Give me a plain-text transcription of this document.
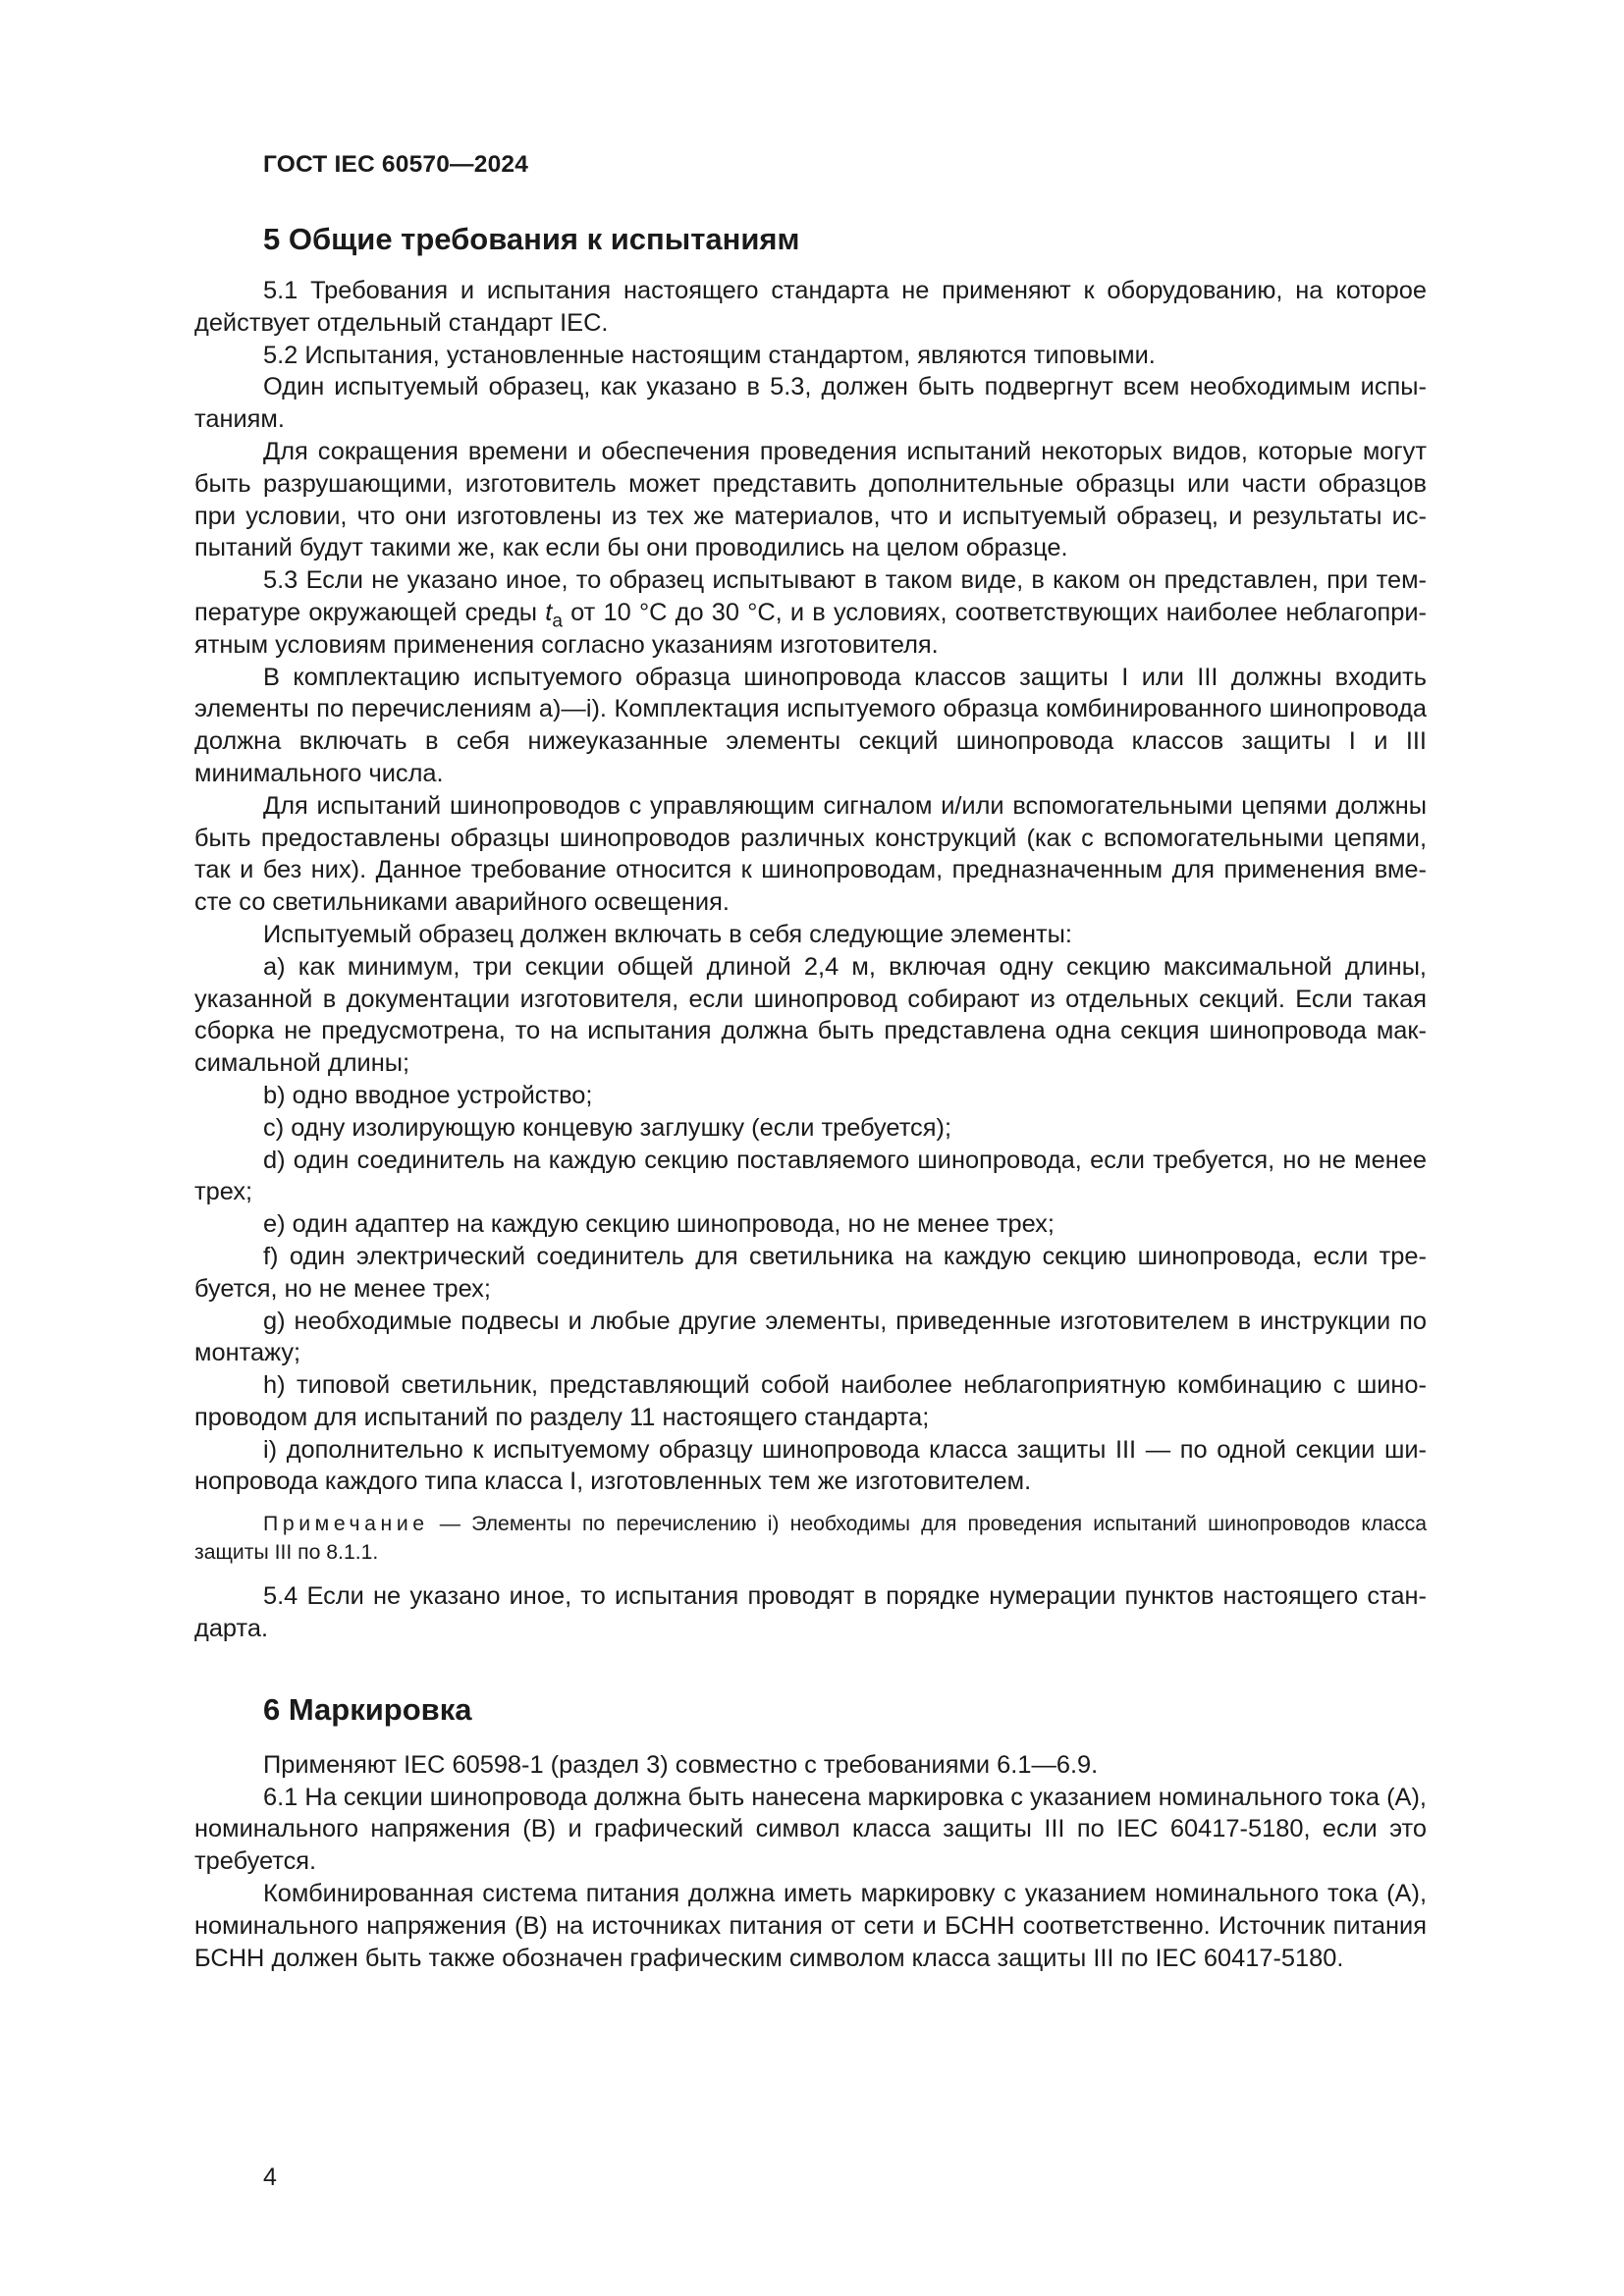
ГОСТ IEC 60570—2024

5 Общие требования к испытаниям

5.1 Требования и испытания настоящего стандарта не применяют к оборудованию, на которое действует отдельный стандарт IEC.

5.2 Испытания, установленные настоящим стандартом, являются типовыми.

Один испытуемый образец, как указано в 5.3, должен быть подвергнут всем необходимым испытаниям.

Для сокращения времени и обеспечения проведения испытаний некоторых видов, которые могут быть разрушающими, изготовитель может представить дополнительные образцы или части образцов при условии, что они изготовлены из тех же материалов, что и испытуемый образец, и результаты испытаний будут такими же, как если бы они проводились на целом образце.

5.3 Если не указано иное, то образец испытывают в таком виде, в каком он представлен, при температуре окружающей среды $t_a$ от 10 °С до 30 °С, и в условиях, соответствующих наиболее неблагоприятным условиям применения согласно указаниям изготовителя.

В комплектацию испытуемого образца шинопровода классов защиты I или III должны входить элементы по перечислениям а)—i). Комплектация испытуемого образца комбинированного шинопровода должна включать в себя нижеуказанные элементы секций шинопровода классов защиты I и III минимального числа.

Для испытаний шинопроводов с управляющим сигналом и/или вспомогательными цепями должны быть предоставлены образцы шинопроводов различных конструкций (как с вспомогательными цепями, так и без них). Данное требование относится к шинопроводам, предназначенным для применения вместе со светильниками аварийного освещения.

Испытуемый образец должен включать в себя следующие элементы:

а) как минимум, три секции общей длиной 2,4 м, включая одну секцию максимальной длины, указанной в документации изготовителя, если шинопровод собирают из отдельных секций. Если такая сборка не предусмотрена, то на испытания должна быть представлена одна секция шинопровода максимальной длины;

b) одно вводное устройство;

c) одну изолирующую концевую заглушку (если требуется);

d) один соединитель на каждую секцию поставляемого шинопровода, если требуется, но не менее трех;

e) один адаптер на каждую секцию шинопровода, но не менее трех;

f) один электрический соединитель для светильника на каждую секцию шинопровода, если требуется, но не менее трех;

g) необходимые подвесы и любые другие элементы, приведенные изготовителем в инструкции по монтажу;

h) типовой светильник, представляющий собой наиболее неблагоприятную комбинацию с шинопроводом для испытаний по разделу 11 настоящего стандарта;

i) дополнительно к испытуемому образцу шинопровода класса защиты III — по одной секции шинопровода каждого типа класса I, изготовленных тем же изготовителем.

Примечание — Элементы по перечислению i) необходимы для проведения испытаний шинопроводов класса защиты III по 8.1.1.

5.4 Если не указано иное, то испытания проводят в порядке нумерации пунктов настоящего стандарта.

6 Маркировка

Применяют IEC 60598-1 (раздел 3) совместно с требованиями 6.1—6.9.

6.1 На секции шинопровода должна быть нанесена маркировка с указанием номинального тока (А), номинального напряжения (В) и графический символ класса защиты III по IEC 60417-5180, если это требуется.

Комбинированная система питания должна иметь маркировку с указанием номинального тока (А), номинального напряжения (В) на источниках питания от сети и БСНН соответственно. Источник питания БСНН должен быть также обозначен графическим символом класса защиты III по IEC 60417-5180.

4
